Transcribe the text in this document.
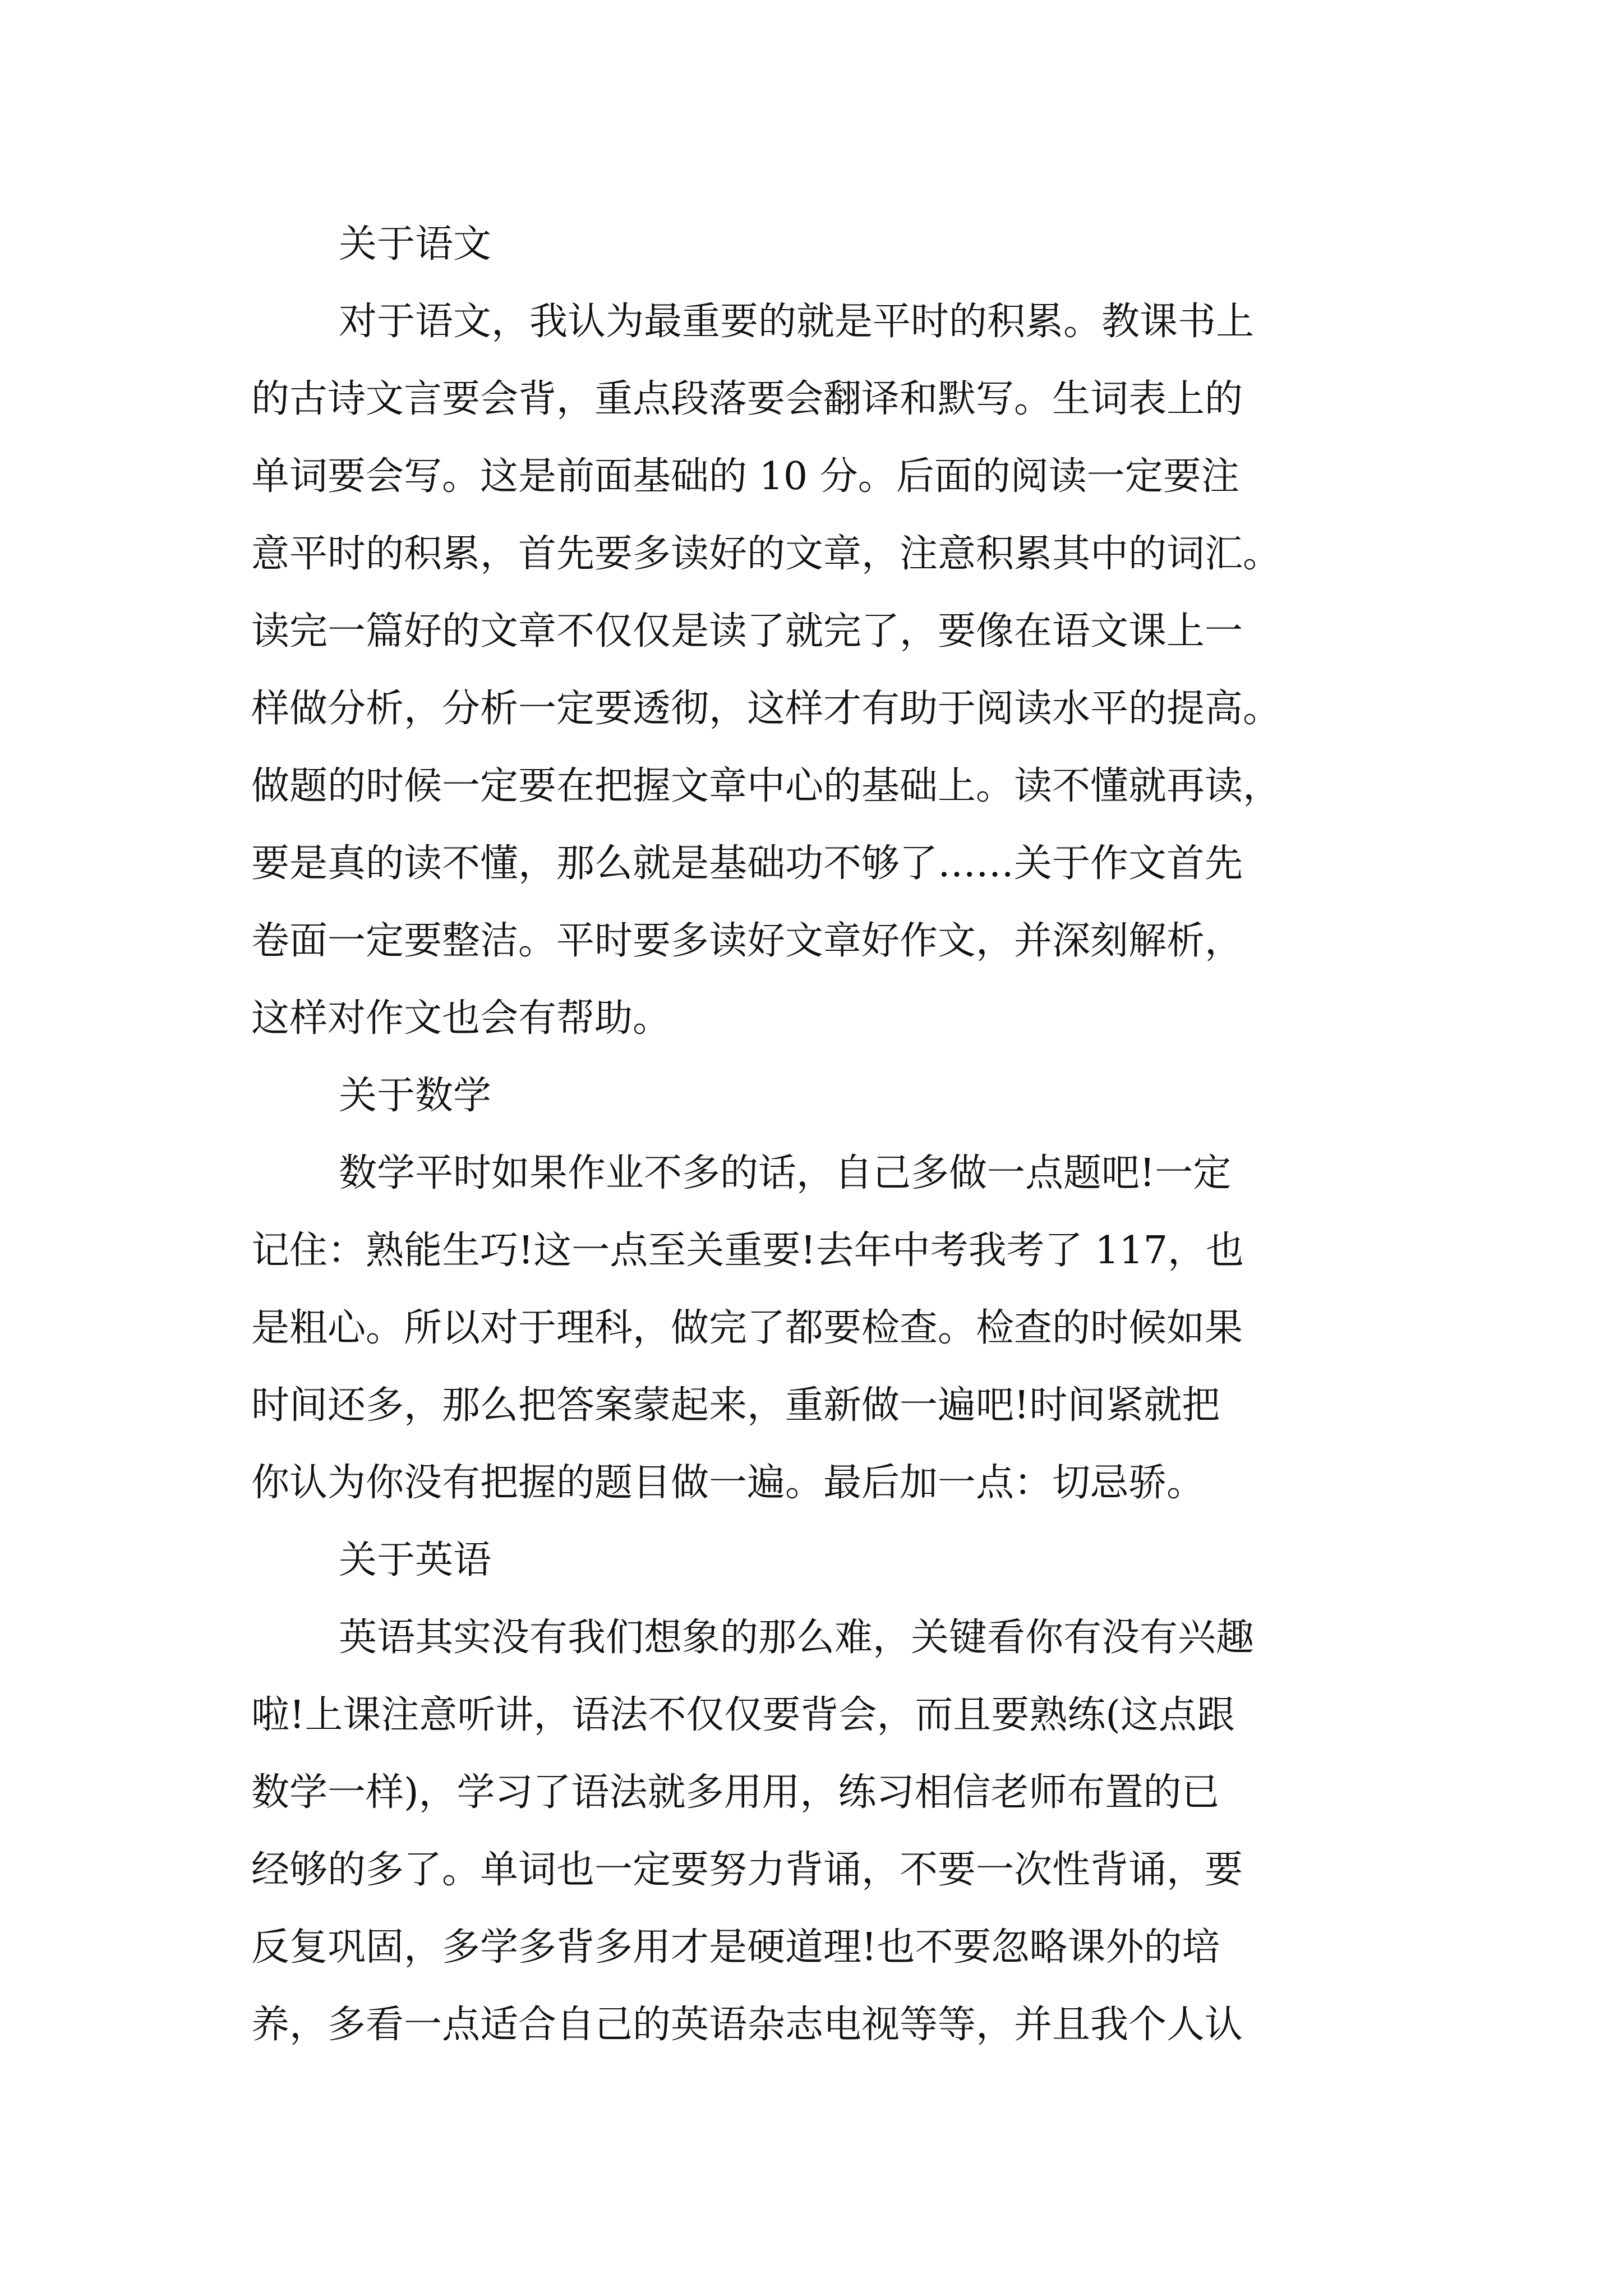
关于语文
对于语文，我认为最重要的就是平时的积累。教课书上
的古诗文言要会背，重点段落要会翻译和默写。生词表上的
单词要会写。这是前面基础的 10 分。后面的阅读一定要注
意平时的积累，首先要多读好的文章，注意积累其中的词汇。
读完一篇好的文章不仅仅是读了就完了，要像在语文课上一
样做分析，分析一定要透彻，这样才有助于阅读水平的提高。
做题的时候一定要在把握文章中心的基础上。读不懂就再读，
要是真的读不懂，那么就是基础功不够了……关于作文首先
卷面一定要整洁。平时要多读好文章好作文，并深刻解析，
这样对作文也会有帮助。
关于数学
数学平时如果作业不多的话，自己多做一点题吧!一定
记住：熟能生巧!这一点至关重要!去年中考我考了 117，也
是粗心。所以对于理科，做完了都要检查。检查的时候如果
时间还多，那么把答案蒙起来，重新做一遍吧!时间紧就把
你认为你没有把握的题目做一遍。最后加一点：切忌骄。
关于英语
英语其实没有我们想象的那么难，关键看你有没有兴趣
啦!上课注意听讲，语法不仅仅要背会，而且要熟练(这点跟
数学一样)，学习了语法就多用用，练习相信老师布置的已
经够的多了。单词也一定要努力背诵，不要一次性背诵，要
反复巩固，多学多背多用才是硬道理!也不要忽略课外的培
养，多看一点适合自己的英语杂志电视等等，并且我个人认
